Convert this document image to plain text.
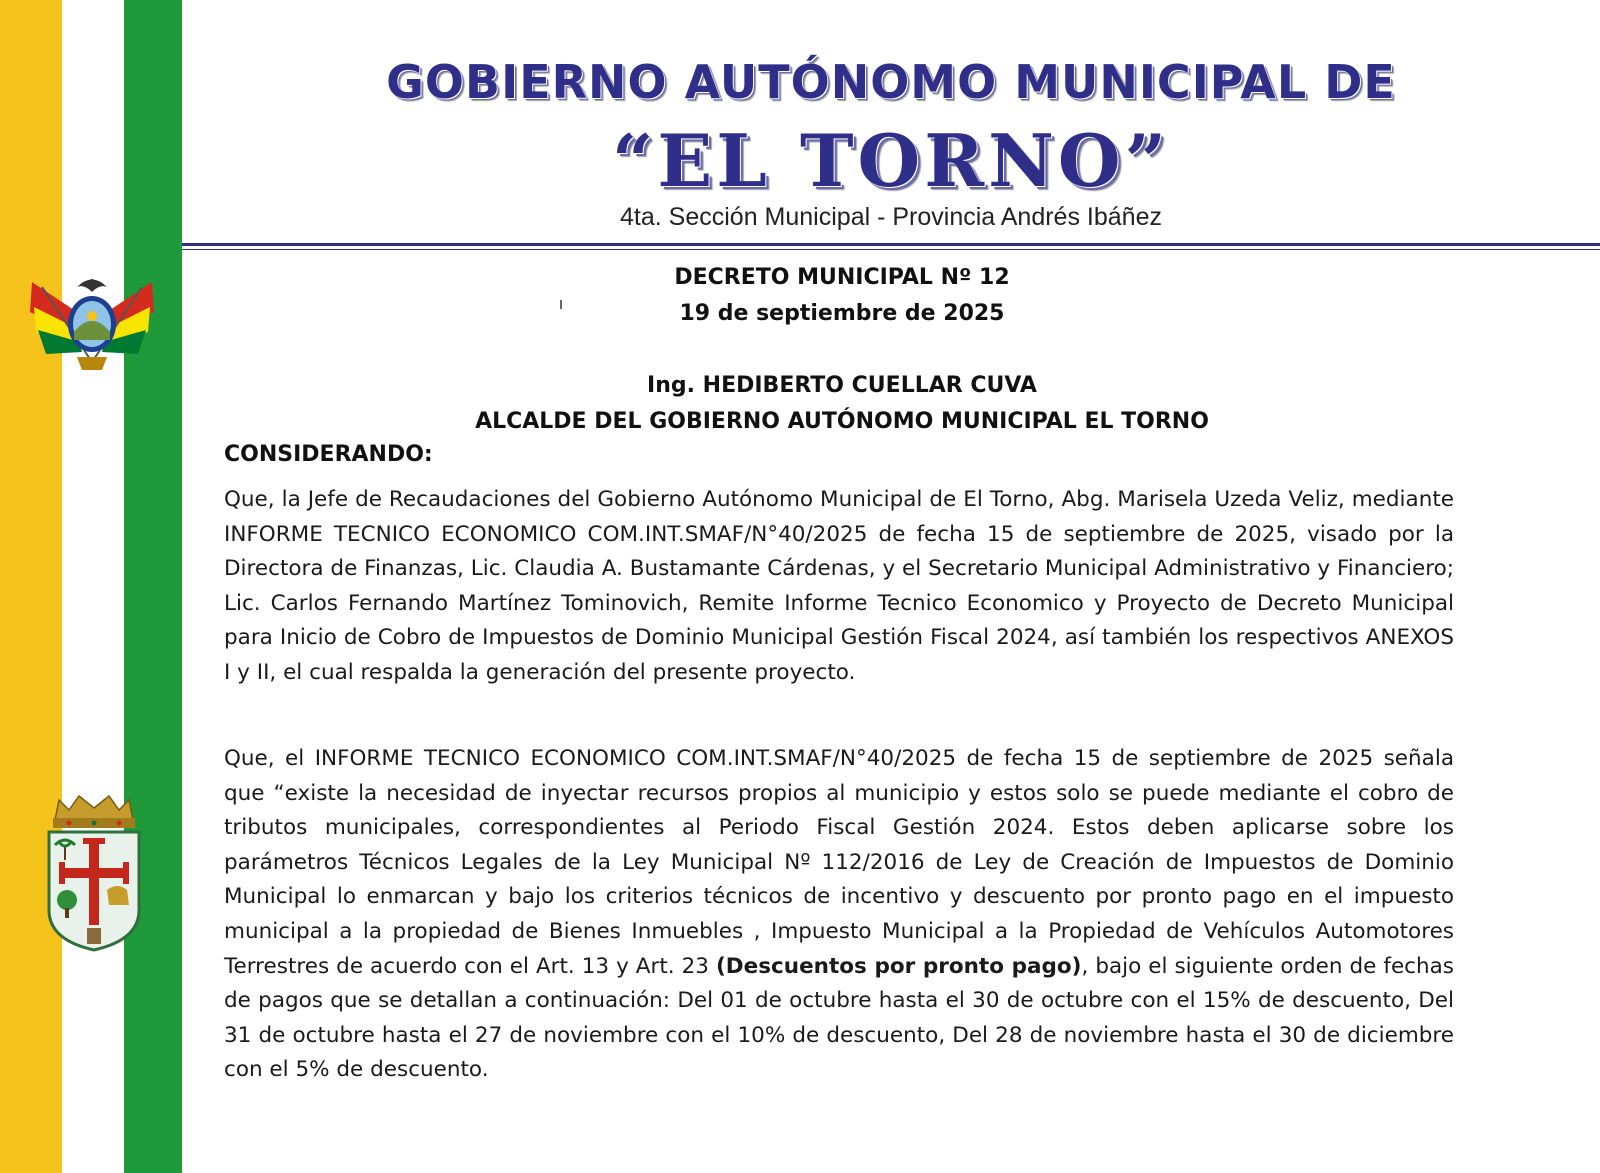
GOBIERNO AUTÓNOMO MUNICIPAL DE
“EL TORNO”
4ta. Sección Municipal - Provincia Andrés Ibáñez
DECRETO MUNICIPAL Nº 12
19 de septiembre de 2025
Ing. HEDIBERTO CUELLAR CUVA
ALCALDE DEL GOBIERNO AUTÓNOMO MUNICIPAL EL TORNO
CONSIDERANDO:

Que, la Jefe de Recaudaciones del Gobierno Autónomo Municipal de El Torno, Abg. Marisela Uzeda Veliz, mediante INFORME TECNICO ECONOMICO COM.INT.SMAF/N°40/2025 de fecha 15 de septiembre de 2025, visado por la Directora de Finanzas, Lic. Claudia A. Bustamante Cárdenas, y el Secretario Municipal Administrativo y Financiero; Lic. Carlos Fernando Martínez Tominovich, Remite Informe Tecnico Economico y Proyecto de Decreto Municipal para Inicio de Cobro de Impuestos de Dominio Municipal Gestión Fiscal 2024, así también los respectivos ANEXOS I y II, el cual respalda la generación del presente proyecto.

Que, el INFORME TECNICO ECONOMICO COM.INT.SMAF/N°40/2025 de fecha 15 de septiembre de 2025 señala que “existe la necesidad de inyectar recursos propios al municipio y estos solo se puede mediante el cobro de tributos municipales, correspondientes al Periodo Fiscal Gestión 2024. Estos deben aplicarse sobre los parámetros Técnicos Legales de la Ley Municipal Nº 112/2016 de Ley de Creación de Impuestos de Dominio Municipal lo enmarcan y bajo los criterios técnicos de incentivo y descuento por pronto pago en el impuesto municipal a la propiedad de Bienes Inmuebles , Impuesto Municipal a la Propiedad de Vehículos Automotores Terrestres de acuerdo con el Art. 13 y Art. 23 (Descuentos por pronto pago), bajo el siguiente orden de fechas de pagos que se detallan a continuación: Del 01 de octubre hasta el 30 de octubre con el 15% de descuento, Del 31 de octubre hasta el 27 de noviembre con el 10% de descuento, Del 28 de noviembre hasta el 30 de diciembre con el 5% de descuento.
